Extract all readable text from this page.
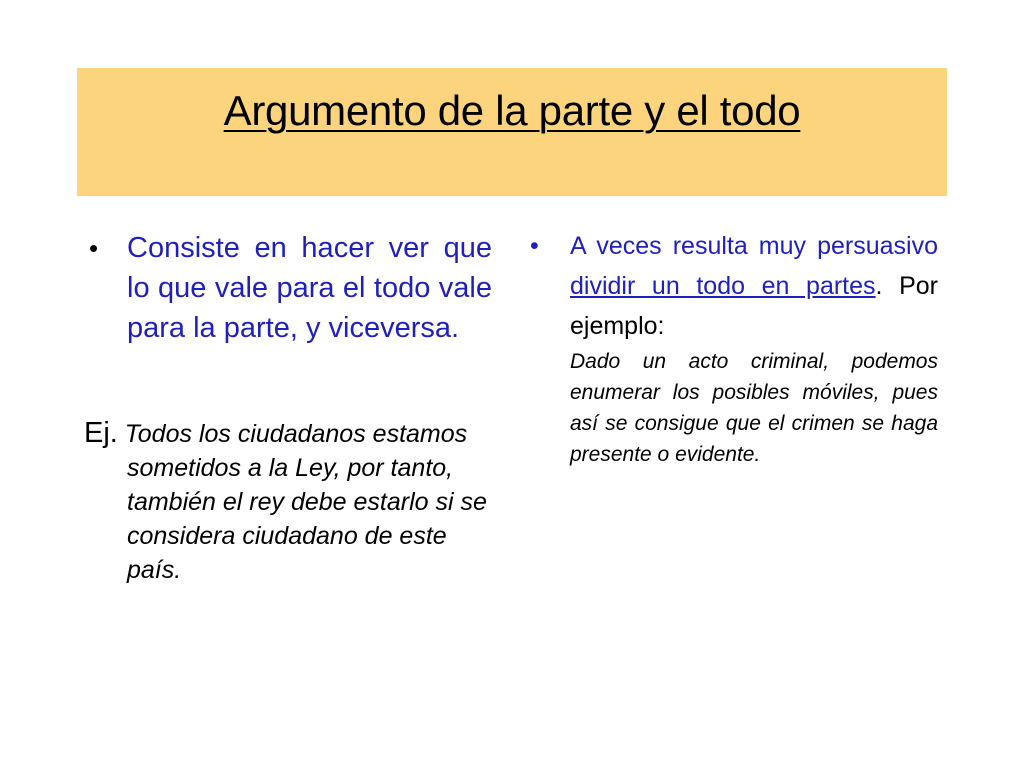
Argumento de la parte y el todo
• Consiste en hacer ver que lo que vale para el todo vale para la parte, y viceversa.
Ej. Todos los ciudadanos estamos sometidos a la Ley, por tanto, también el rey debe estarlo si se considera ciudadano de este país.
• A veces resulta muy persuasivo dividir un todo en partes. Por ejemplo:
Dado un acto criminal, podemos enumerar los posibles móviles, pues así se consigue que el crimen se haga presente o evidente.
